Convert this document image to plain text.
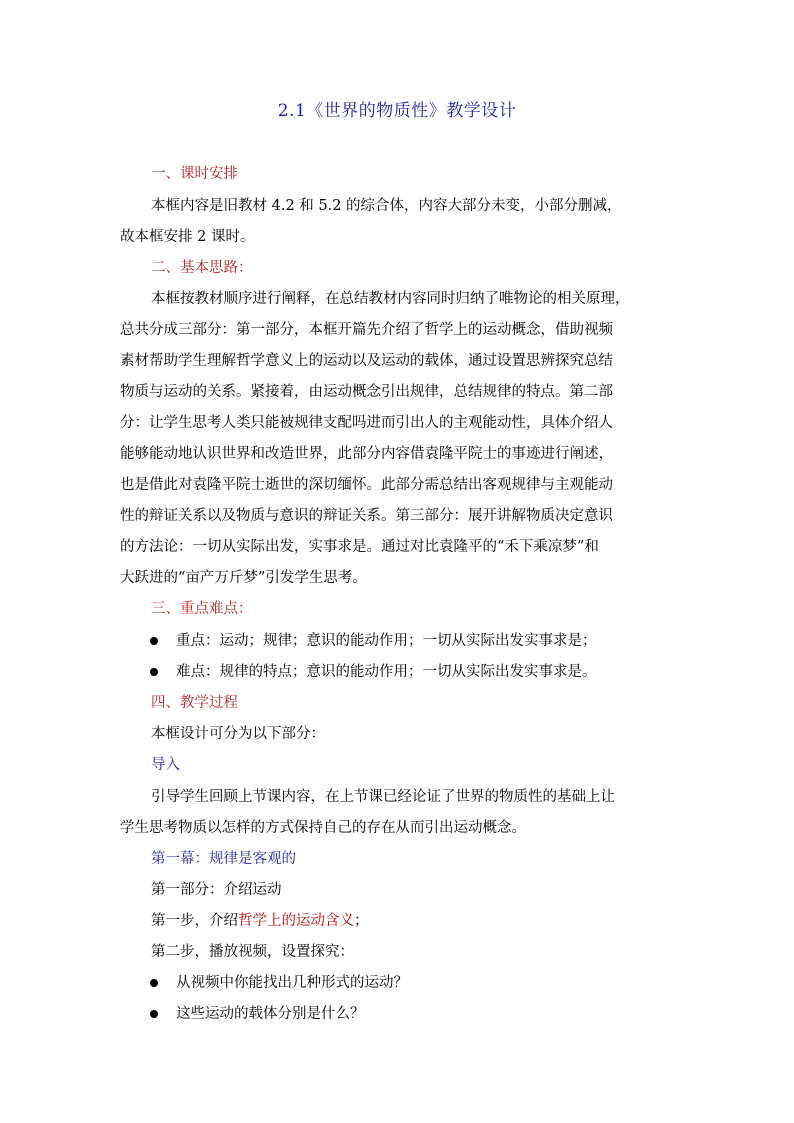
2.1《世界的物质性》教学设计
一、课时安排
本框内容是旧教材 4.2 和 5.2 的综合体，内容大部分未变，小部分删减，
故本框安排 2 课时。
二、基本思路：
本框按教材顺序进行阐释，在总结教材内容同时归纳了唯物论的相关原理，
总共分成三部分：第一部分，本框开篇先介绍了哲学上的运动概念，借助视频
素材帮助学生理解哲学意义上的运动以及运动的载体，通过设置思辨探究总结
物质与运动的关系。紧接着，由运动概念引出规律，总结规律的特点。第二部
分：让学生思考人类只能被规律支配吗进而引出人的主观能动性，具体介绍人
能够能动地认识世界和改造世界，此部分内容借袁隆平院士的事迹进行阐述，
也是借此对袁隆平院士逝世的深切缅怀。此部分需总结出客观规律与主观能动
性的辩证关系以及物质与意识的辩证关系。第三部分：展开讲解物质决定意识
的方法论：一切从实际出发，实事求是。通过对比袁隆平的“禾下乘凉梦”和
大跃进的“亩产万斤梦”引发学生思考。
三、重点难点：
重点：运动；规律；意识的能动作用；一切从实际出发实事求是；
难点：规律的特点；意识的能动作用；一切从实际出发实事求是。
四、教学过程
本框设计可分为以下部分：
导入
引导学生回顾上节课内容，在上节课已经论证了世界的物质性的基础上让
学生思考物质以怎样的方式保持自己的存在从而引出运动概念。
第一幕：规律是客观的
第一部分：介绍运动
第一步，介绍哲学上的运动含义；
第二步，播放视频，设置探究：
从视频中你能找出几种形式的运动？
这些运动的载体分别是什么？
